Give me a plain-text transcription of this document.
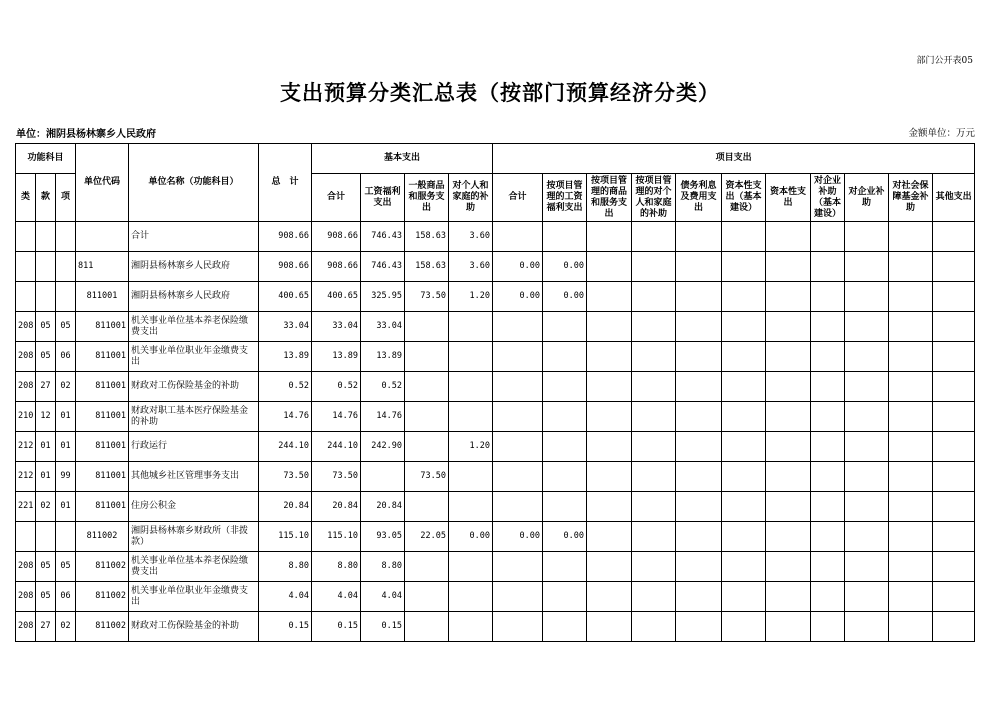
部门公开表05
支出预算分类汇总表（按部门预算经济分类）
单位：湘阴县杨林寨乡人民政府	金额单位：万元
功能科目			单位代码	单位名称（功能科目）	总　计	基本支出				项目支出										
类	款	项				合计	工资福利支出	一般商品和服务支出	对个人和家庭的补助	合计	按项目管理的工资福利支出	按项目管理的商品和服务支出	按项目管理的对个人和家庭的补助	债务利息及费用支出	资本性支出（基本建设）	资本性支出	对企业补助（基本建设）	对企业补助	对社会保障基金补助	其他支出
				合计	908.66	908.66	746.43	158.63	3.60											
			811	湘阴县杨林寨乡人民政府	908.66	908.66	746.43	158.63	3.60	0.00	0.00									
			811001	湘阴县杨林寨乡人民政府	400.65	400.65	325.95	73.50	1.20	0.00	0.00									
208	05	05	811001	机关事业单位基本养老保险缴费支出	33.04	33.04	33.04													
208	05	06	811001	机关事业单位职业年金缴费支出	13.89	13.89	13.89													
208	27	02	811001	财政对工伤保险基金的补助	0.52	0.52	0.52													
210	12	01	811001	财政对职工基本医疗保险基金的补助	14.76	14.76	14.76													
212	01	01	811001	行政运行	244.10	244.10	242.90		1.20											
212	01	99	811001	其他城乡社区管理事务支出	73.50	73.50		73.50												
221	02	01	811001	住房公积金	20.84	20.84	20.84													
			811002	湘阴县杨林寨乡财政所（非拨款）	115.10	115.10	93.05	22.05	0.00	0.00	0.00									
208	05	05	811002	机关事业单位基本养老保险缴费支出	8.80	8.80	8.80													
208	05	06	811002	机关事业单位职业年金缴费支出	4.04	4.04	4.04													
208	27	02	811002	财政对工伤保险基金的补助	0.15	0.15	0.15													
